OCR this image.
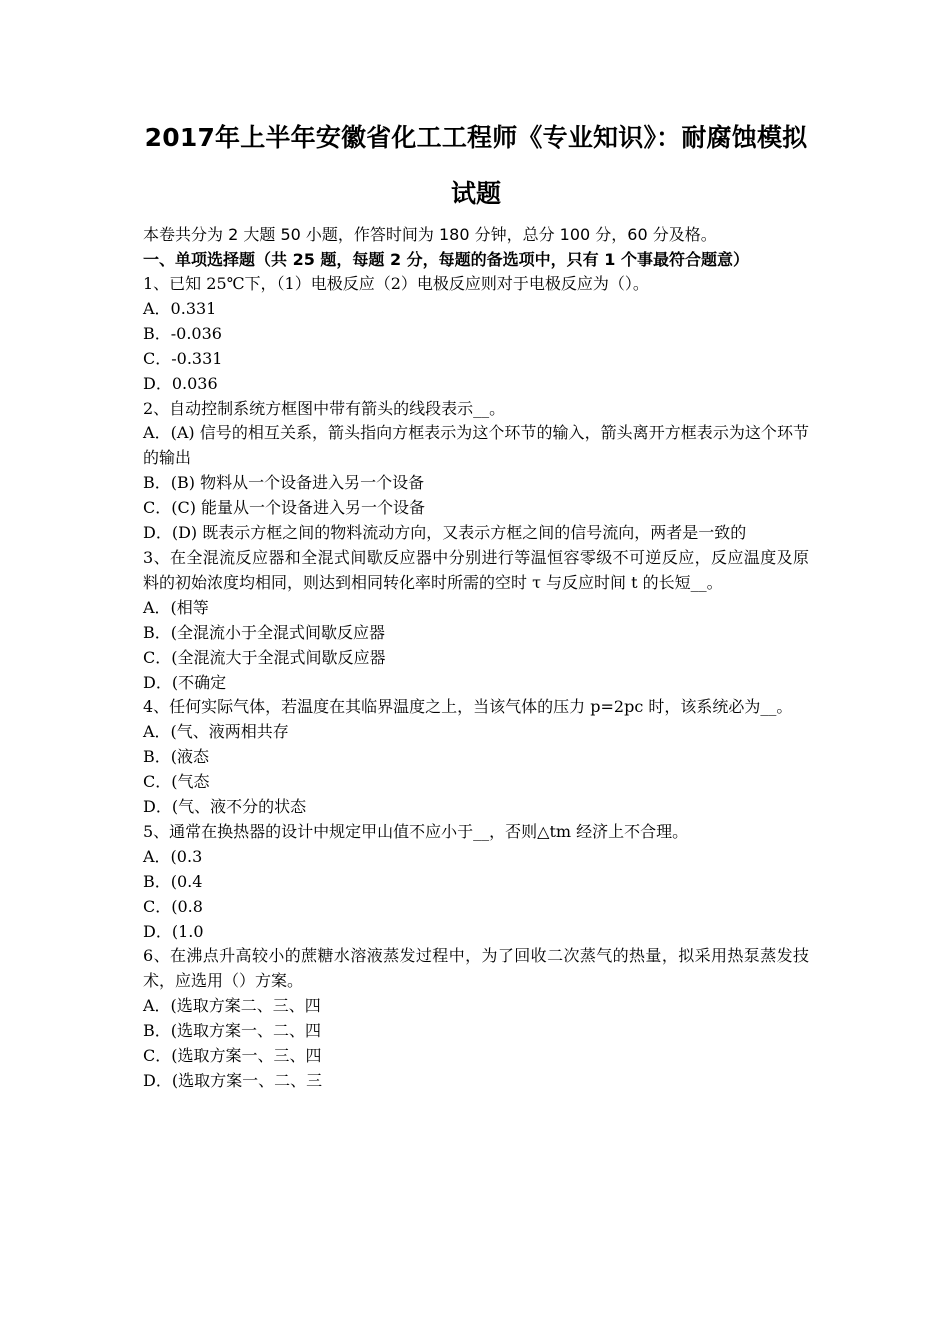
2017年上半年安徽省化工工程师《专业知识》：耐腐蚀模拟
试题
本卷共分为 2 大题 50 小题，作答时间为 180 分钟，总分 100 分，60 分及格。
一、单项选择题（共 25 题，每题 2 分，每题的备选项中，只有 1 个事最符合题意）
1、已知 25℃下，（1）电极反应（2）电极反应则对于电极反应为（）。
A．0.331
B．-0.036
C．-0.331
D．0.036
2、自动控制系统方框图中带有箭头的线段表示__。
A．(A) 信号的相互关系，箭头指向方框表示为这个环节的输入，箭头离开方框表示为这个环节的输出
B．(B) 物料从一个设备进入另一个设备
C．(C) 能量从一个设备进入另一个设备
D．(D) 既表示方框之间的物料流动方向，又表示方框之间的信号流向，两者是一致的
3、在全混流反应器和全混式间歇反应器中分别进行等温恒容零级不可逆反应，反应温度及原料的初始浓度均相同，则达到相同转化率时所需的空时 τ 与反应时间 t 的长短__。
A．(相等
B．(全混流小于全混式间歇反应器
C．(全混流大于全混式间歇反应器
D．(不确定
4、任何实际气体，若温度在其临界温度之上，当该气体的压力 p=2pc 时，该系统必为__。
A．(气、液两相共存
B．(液态
C．(气态
D．(气、液不分的状态
5、通常在换热器的设计中规定甲山值不应小于__，否则△tm 经济上不合理。
A．(0.3
B．(0.4
C．(0.8
D．(1.0
6、在沸点升高较小的蔗糖水溶液蒸发过程中，为了回收二次蒸气的热量，拟采用热泵蒸发技术，应选用（）方案。
A．(选取方案二、三、四
B．(选取方案一、二、四
C．(选取方案一、三、四
D．(选取方案一、二、三
